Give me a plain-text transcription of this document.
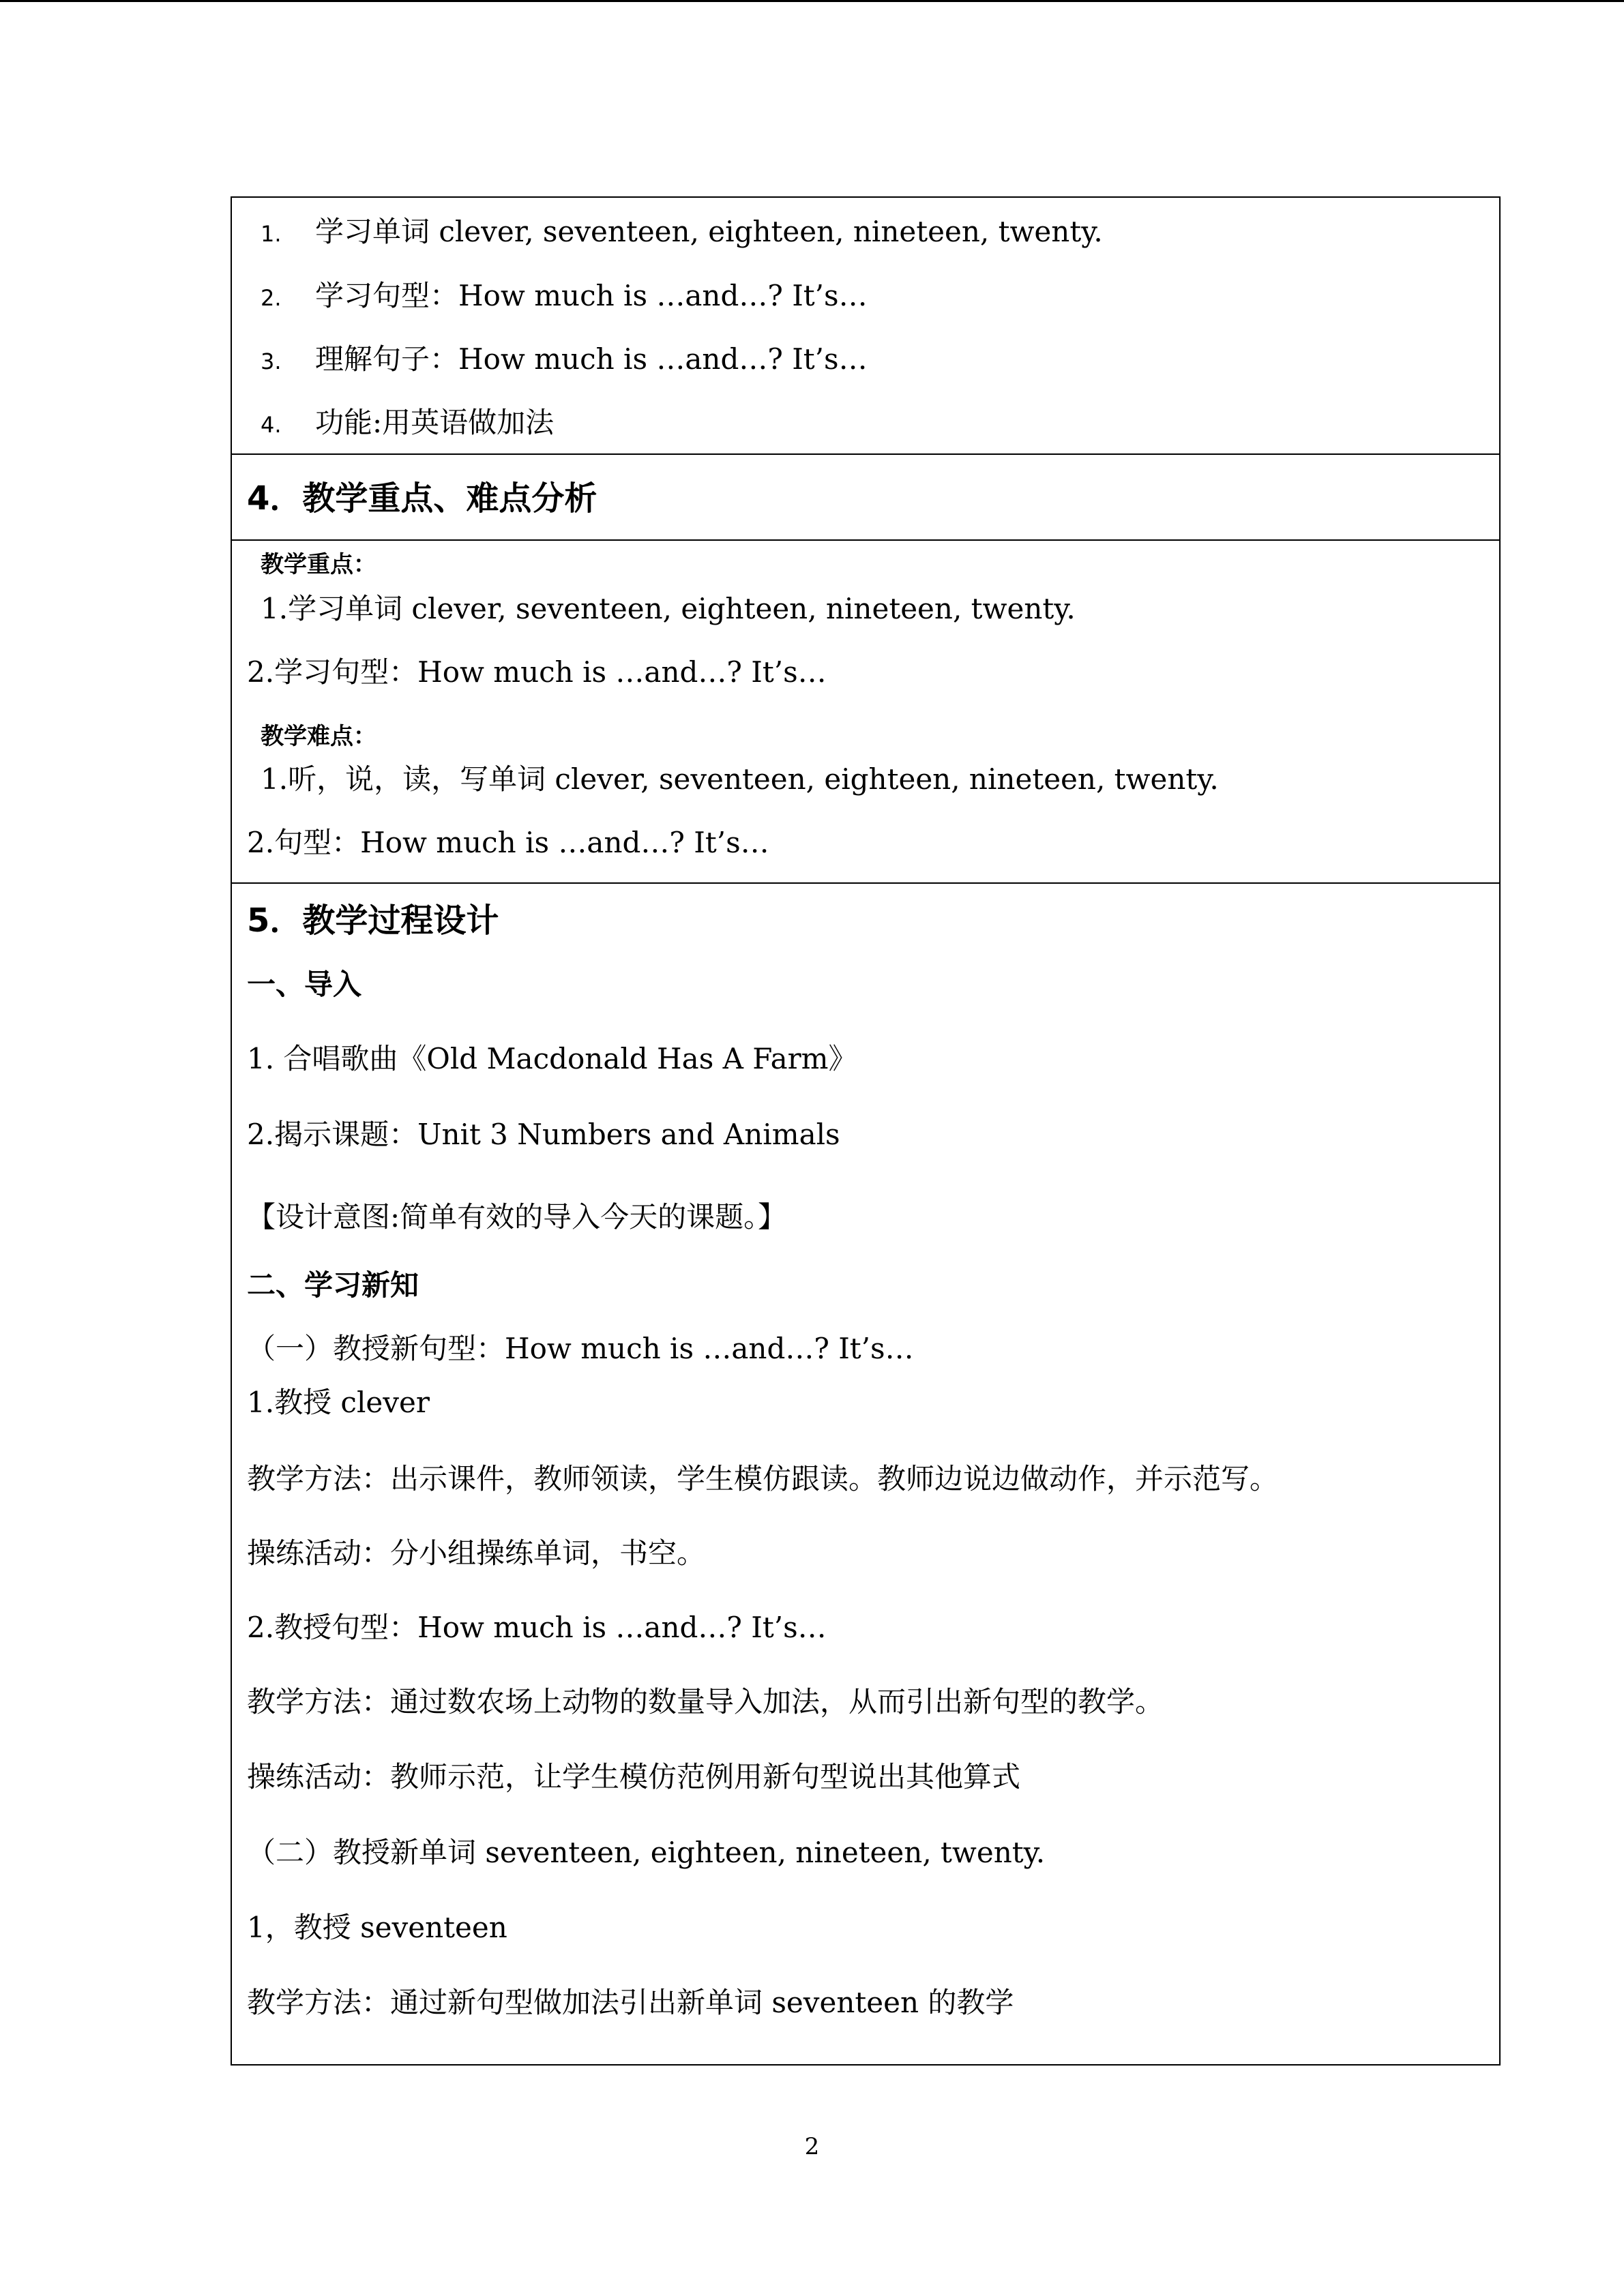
1. 学习单词 clever, seventeen, eighteen, nineteen, twenty.
2. 学习句型：How much is …and…? It’s…
3. 理解句子：How much is …and…? It’s…
4. 功能:用英语做加法
4．教学重点、难点分析
教学重点：
1.学习单词 clever, seventeen, eighteen, nineteen, twenty.
2.学习句型：How much is …and…? It’s…
教学难点：
1.听，说，读，写单词 clever, seventeen, eighteen, nineteen, twenty.
2.句型：How much is …and…? It’s…
5．教学过程设计
一、导入
1. 合唱歌曲《Old Macdonald Has A Farm》
2.揭示课题：Unit 3 Numbers and Animals
【设计意图:简单有效的导入今天的课题。】
二、学习新知
（一）教授新句型：How much is …and…? It’s…
1.教授 clever
教学方法：出示课件，教师领读，学生模仿跟读。教师边说边做动作，并示范写。
操练活动：分小组操练单词，书空。
2.教授句型：How much is …and…? It’s…
教学方法：通过数农场上动物的数量导入加法，从而引出新句型的教学。
操练活动：教师示范，让学生模仿范例用新句型说出其他算式
（二）教授新单词 seventeen, eighteen, nineteen, twenty.
1，教授 seventeen
教学方法：通过新句型做加法引出新单词 seventeen 的教学
2
